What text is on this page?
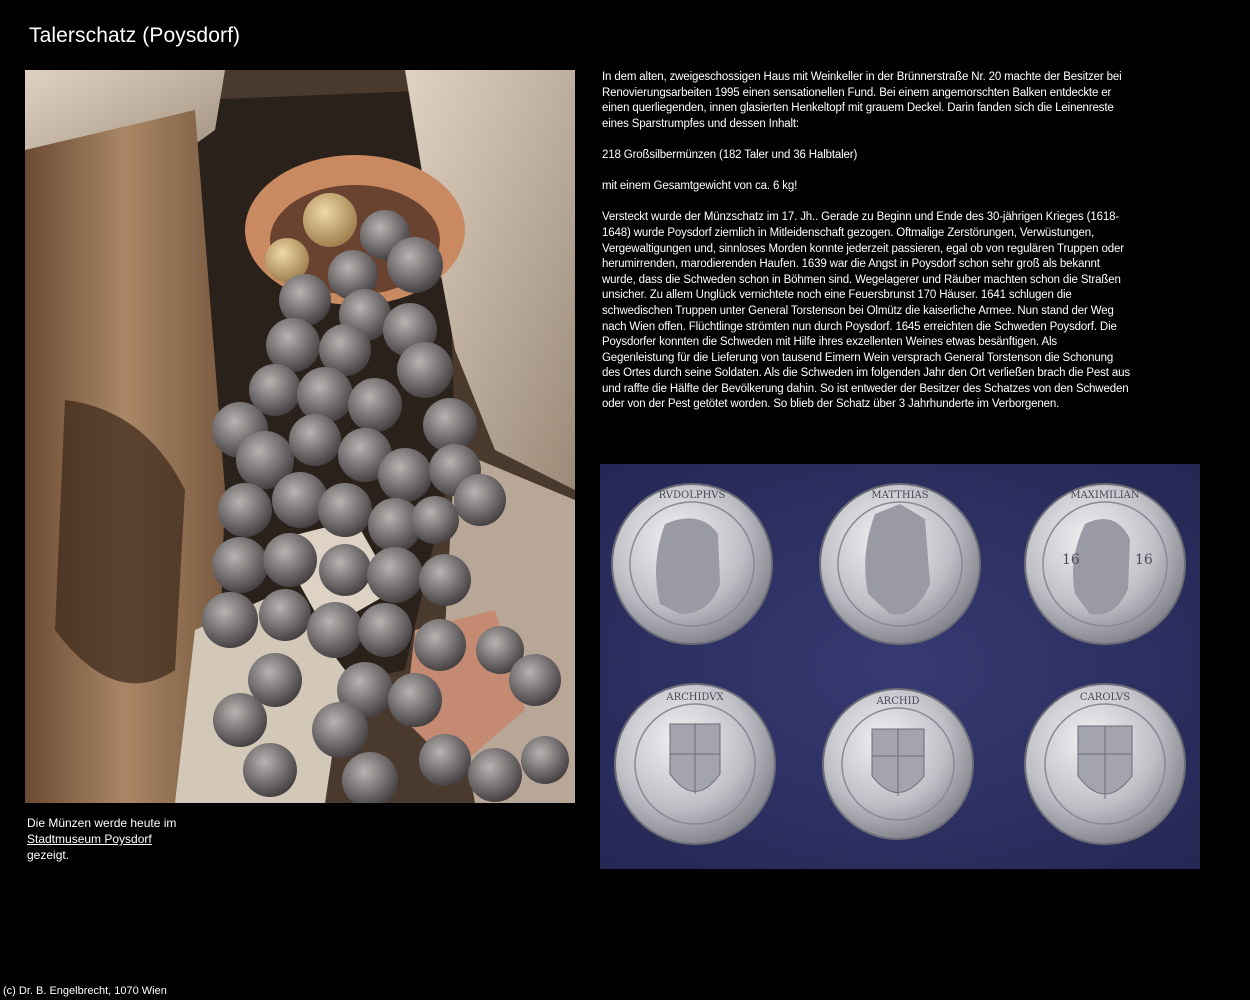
Talerschatz (Poysdorf)
Die Münzen werde heute im
Stadtmuseum Poysdorf
gezeigt.

In dem alten, zweigeschossigen Haus mit Weinkeller in der Brünnerstraße Nr. 20 machte der Besitzer bei Renovierungsarbeiten 1995 einen sensationellen Fund. Bei einem angemorschten Balken entdeckte er einen querliegenden, innen glasierten Henkeltopf mit grauem Deckel. Darin fanden sich die Leinenreste eines Sparstrumpfes und dessen Inhalt:

218 Großsilbermünzen (182 Taler und 36 Halbtaler)

mit einem Gesamtgewicht von ca. 6 kg!

Versteckt wurde der Münzschatz im 17. Jh.. Gerade zu Beginn und Ende des 30-jährigen Krieges (1618-1648) wurde Poysdorf ziemlich in Mitleidenschaft gezogen. Oftmalige Zerstörungen, Verwüstungen, Vergewaltigungen und, sinnloses Morden konnte jederzeit passieren, egal ob von regulären Truppen oder herumirrenden, marodierenden Haufen. 1639 war die Angst in Poysdorf schon sehr groß als bekannt wurde, dass die Schweden schon in Böhmen sind. Wegelagerer und Räuber machten schon die Straßen unsicher. Zu allem Unglück vernichtete noch eine Feuersbrunst 170 Häuser. 1641 schlugen die schwedischen Truppen unter General Torstenson bei Olmütz die kaiserliche Armee. Nun stand der Weg nach Wien offen. Flüchtlinge strömten nun durch Poysdorf. 1645 erreichten die Schweden Poysdorf. Die Poysdorfer konnten die Schweden mit Hilfe ihres exzellenten Weines etwas besänftigen. Als Gegenleistung für die Lieferung von tausend Eimern Wein versprach General Torstenson die Schonung des Ortes durch seine Soldaten. Als die Schweden im folgenden Jahr den Ort verließen brach die Pest aus und raffte die Hälfte der Bevölkerung dahin. So ist entweder der Besitzer des Schatzes von den Schweden oder von der Pest getötet worden. So blieb der Schatz über 3 Jahrhunderte im Verborgenen.

RVDOLPHVS	MATTHIAS	MAXIMILIAN
16	16
ARCHIDVX	ARCHID	CAROLVS
(c) Dr. B. Engelbrecht, 1070 Wien
